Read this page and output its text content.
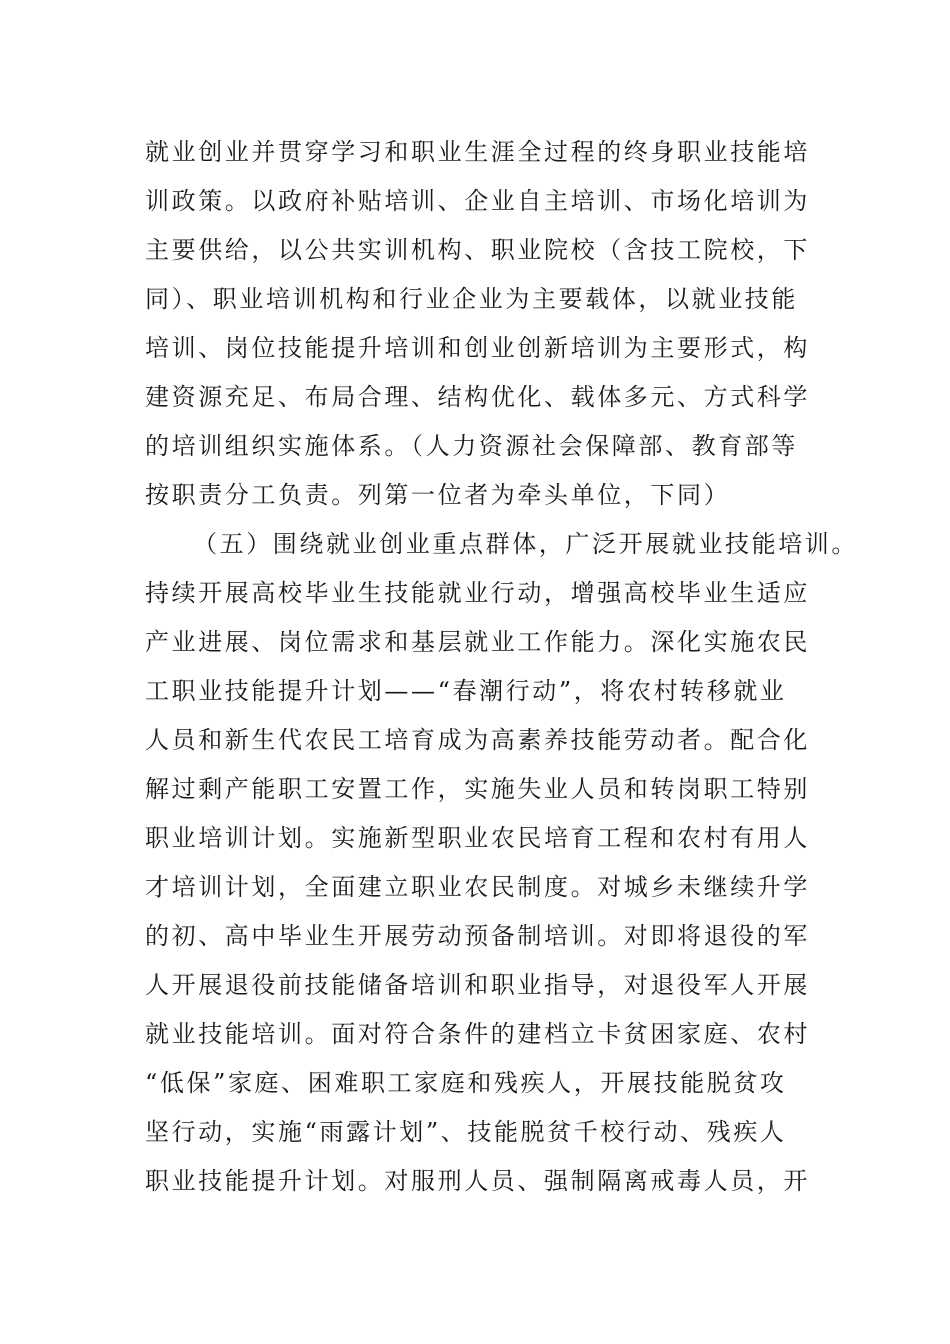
就业创业并贯穿学习和职业生涯全过程的终身职业技能培
训政策。以政府补贴培训、企业自主培训、市场化培训为
主要供给，以公共实训机构、职业院校（含技工院校，下
同）、职业培训机构和行业企业为主要载体，以就业技能
培训、岗位技能提升培训和创业创新培训为主要形式，构
建资源充足、布局合理、结构优化、载体多元、方式科学
的培训组织实施体系。（人力资源社会保障部、教育部等
按职责分工负责。列第一位者为牵头单位，下同）
（五）围绕就业创业重点群体，广泛开展就业技能培训。
持续开展高校毕业生技能就业行动，增强高校毕业生适应
产业进展、岗位需求和基层就业工作能力。深化实施农民
工职业技能提升计划——“春潮行动”，将农村转移就业
人员和新生代农民工培育成为高素养技能劳动者。配合化
解过剩产能职工安置工作，实施失业人员和转岗职工特别
职业培训计划。实施新型职业农民培育工程和农村有用人
才培训计划，全面建立职业农民制度。对城乡未继续升学
的初、高中毕业生开展劳动预备制培训。对即将退役的军
人开展退役前技能储备培训和职业指导，对退役军人开展
就业技能培训。面对符合条件的建档立卡贫困家庭、农村
“低保”家庭、困难职工家庭和残疾人，开展技能脱贫攻
坚行动，实施“雨露计划”、技能脱贫千校行动、残疾人
职业技能提升计划。对服刑人员、强制隔离戒毒人员，开
